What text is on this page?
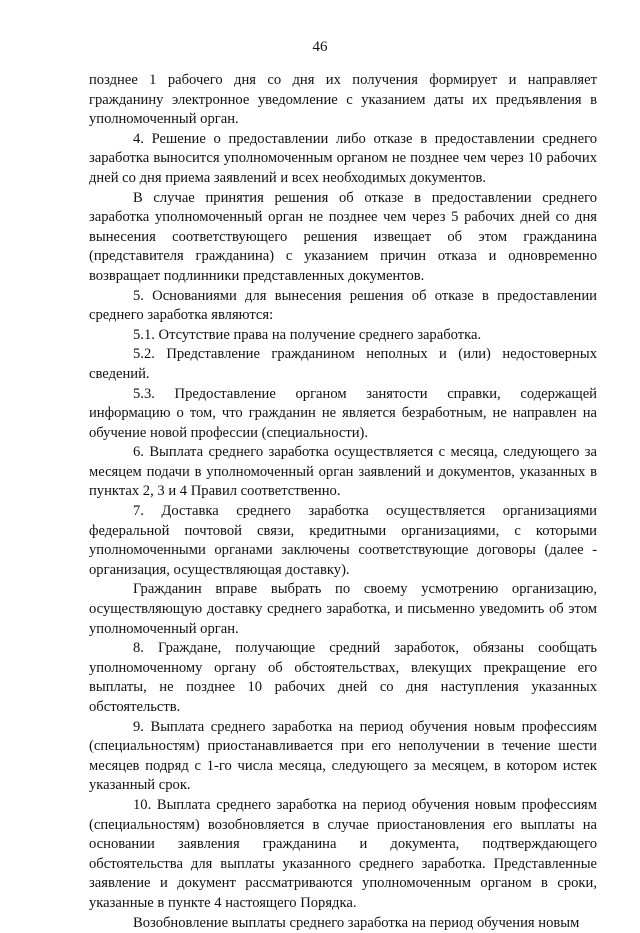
46

позднее 1 рабочего дня со дня их получения формирует и направляет гражданину электронное уведомление с указанием даты их предъявления в уполномоченный орган.

4. Решение о предоставлении либо отказе в предоставлении среднего заработка выносится уполномоченным органом не позднее чем через 10 рабочих дней со дня приема заявлений и всех необходимых документов.

В случае принятия решения об отказе в предоставлении среднего заработка уполномоченный орган не позднее чем через 5 рабочих дней со дня вынесения соответствующего решения извещает об этом гражданина (представителя гражданина) с указанием причин отказа и одновременно возвращает подлинники представленных документов.

5. Основаниями для вынесения решения об отказе в предоставлении среднего заработка являются:

5.1. Отсутствие права на получение среднего заработка.

5.2. Представление гражданином неполных и (или) недостоверных сведений.

5.3. Предоставление органом занятости справки, содержащей информацию о том, что гражданин не является безработным, не направлен на обучение новой профессии (специальности).

6. Выплата среднего заработка осуществляется с месяца, следующего за месяцем подачи в уполномоченный орган заявлений и документов, указанных в пунктах 2, 3 и 4 Правил соответственно.

7. Доставка среднего заработка осуществляется организациями федеральной почтовой связи, кредитными организациями, с которыми уполномоченными органами заключены соответствующие договоры (далее - организация, осуществляющая доставку).

Гражданин вправе выбрать по своему усмотрению организацию, осуществляющую доставку среднего заработка, и письменно уведомить об этом уполномоченный орган.

8. Граждане, получающие средний заработок, обязаны сообщать уполномоченному органу об обстоятельствах, влекущих прекращение его выплаты, не позднее 10 рабочих дней со дня наступления указанных обстоятельств.

9. Выплата среднего заработка на период обучения новым профессиям (специальностям) приостанавливается при его неполучении в течение шести месяцев подряд с 1-го числа месяца, следующего за месяцем, в котором истек указанный срок.

10. Выплата среднего заработка на период обучения новым профессиям (специальностям) возобновляется в случае приостановления его выплаты на основании заявления гражданина и документа, подтверждающего обстоятельства для выплаты указанного среднего заработка. Представленные заявление и документ рассматриваются уполномоченным органом в сроки, указанные в пункте 4 настоящего Порядка.

Возобновление выплаты среднего заработка на период обучения новым
